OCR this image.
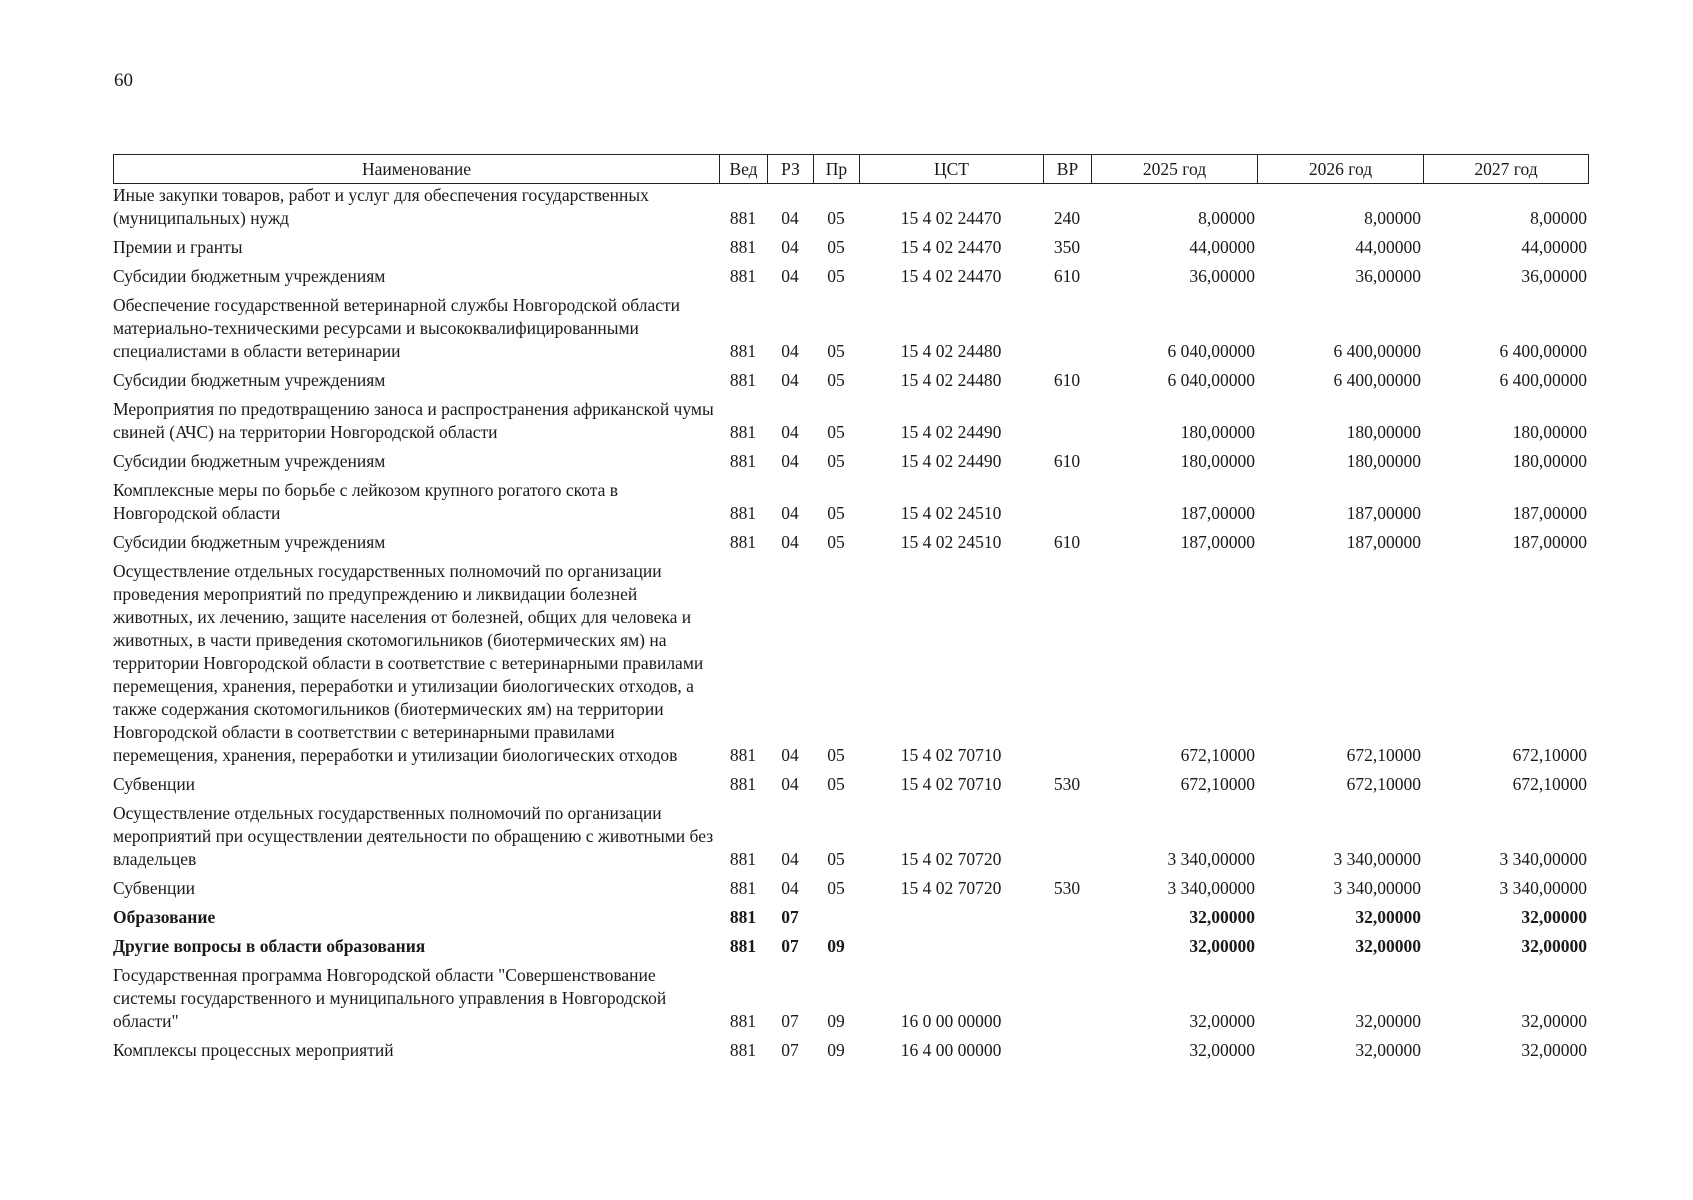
60
Наименование	Вед	РЗ	Пр	ЦСТ	ВР	2025 год	2026 год	2027 год
Иные закупки товаров, работ и услуг для обеспечения государственных (муниципальных) нужд	881	04	05	15 4 02 24470	240	8,00000	8,00000	8,00000
Премии и гранты	881	04	05	15 4 02 24470	350	44,00000	44,00000	44,00000
Субсидии бюджетным учреждениям	881	04	05	15 4 02 24470	610	36,00000	36,00000	36,00000
Обеспечение государственной ветеринарной службы Новгородской области материально-техническими ресурсами и высококвалифицированными специалистами в области ветеринарии	881	04	05	15 4 02 24480		6 040,00000	6 400,00000	6 400,00000
Субсидии бюджетным учреждениям	881	04	05	15 4 02 24480	610	6 040,00000	6 400,00000	6 400,00000
Мероприятия по предотвращению заноса и распространения африканской чумы свиней (АЧС) на территории Новгородской области	881	04	05	15 4 02 24490		180,00000	180,00000	180,00000
Субсидии бюджетным учреждениям	881	04	05	15 4 02 24490	610	180,00000	180,00000	180,00000
Комплексные меры по борьбе с лейкозом крупного рогатого скота в Новгородской области	881	04	05	15 4 02 24510		187,00000	187,00000	187,00000
Субсидии бюджетным учреждениям	881	04	05	15 4 02 24510	610	187,00000	187,00000	187,00000
Осуществление отдельных государственных полномочий по организации проведения мероприятий по предупреждению и ликвидации болезней животных, их лечению, защите населения от болезней, общих для человека и животных, в части приведения скотомогильников (биотермических ям) на территории Новгородской области в соответствие с ветеринарными правилами перемещения, хранения, переработки и утилизации биологических отходов, а также содержания скотомогильников (биотермических ям) на территории Новгородской области в соответствии с ветеринарными правилами перемещения, хранения, переработки и утилизации биологических отходов	881	04	05	15 4 02 70710		672,10000	672,10000	672,10000
Субвенции	881	04	05	15 4 02 70710	530	672,10000	672,10000	672,10000
Осуществление отдельных государственных полномочий по организации мероприятий при осуществлении деятельности по обращению с животными без владельцев	881	04	05	15 4 02 70720		3 340,00000	3 340,00000	3 340,00000
Субвенции	881	04	05	15 4 02 70720	530	3 340,00000	3 340,00000	3 340,00000
Образование	881	07				32,00000	32,00000	32,00000
Другие вопросы в области образования	881	07	09			32,00000	32,00000	32,00000
Государственная программа Новгородской области "Совершенствование системы государственного и муниципального управления в Новгородской области"	881	07	09	16 0 00 00000		32,00000	32,00000	32,00000
Комплексы процессных мероприятий	881	07	09	16 4 00 00000		32,00000	32,00000	32,00000
